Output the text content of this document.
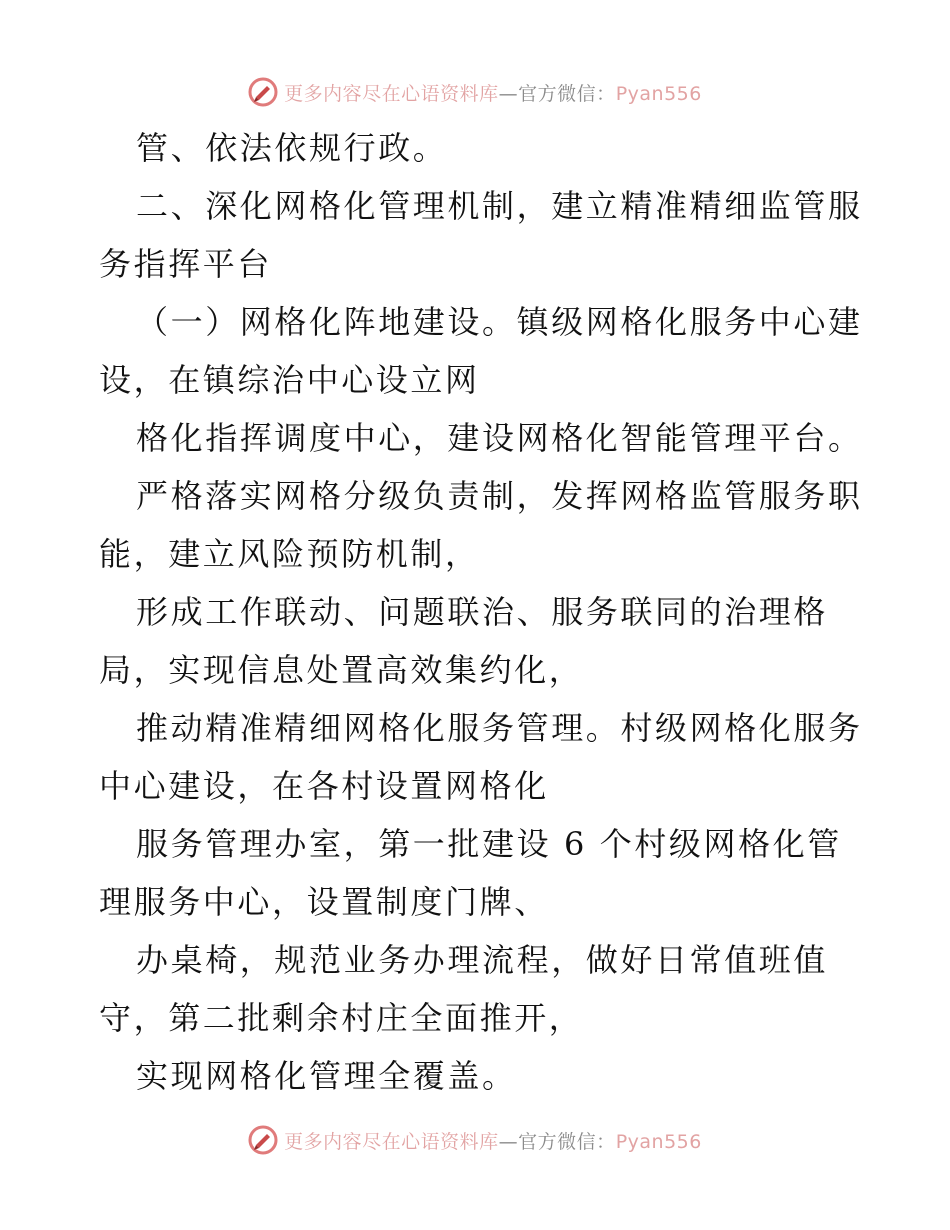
更多内容尽在心语资料库—官方微信：Pyan556
管、依法依规行政。
二、深化网格化管理机制，建立精准精细监管服
务指挥平台
（一）网格化阵地建设。镇级网格化服务中心建
设，在镇综治中心设立网
格化指挥调度中心，建设网格化智能管理平台。
严格落实网格分级负责制，发挥网格监管服务职
能，建立风险预防机制，
形成工作联动、问题联治、服务联同的治理格
局，实现信息处置高效集约化，
推动精准精细网格化服务管理。村级网格化服务
中心建设，在各村设置网格化
服务管理办室，第一批建设 6 个村级网格化管
理服务中心，设置制度门牌、
办桌椅，规范业务办理流程，做好日常值班值
守，第二批剩余村庄全面推开，
实现网格化管理全覆盖。
更多内容尽在心语资料库—官方微信：Pyan556
